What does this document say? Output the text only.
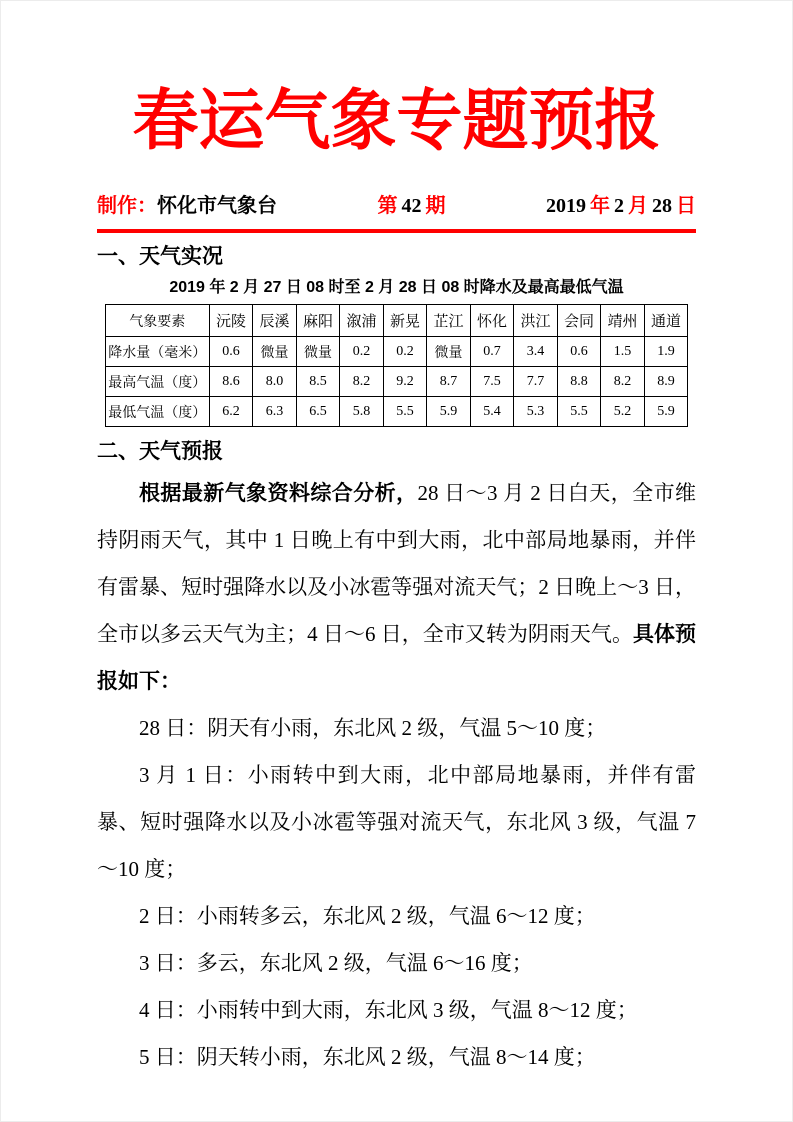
春运气象专题预报
制作：怀化市气象台	第 42 期	2019 年 2 月 28 日
一、天气实况
2019 年 2 月 27 日 08 时至 2 月 28 日 08 时降水及最高最低气温
气象要素	沅陵	辰溪	麻阳	溆浦	新晃	芷江	怀化	洪江	会同	靖州	通道
降水量（毫米）	0.6	微量	微量	0.2	0.2	微量	0.7	3.4	0.6	1.5	1.9
最高气温（度）	8.6	8.0	8.5	8.2	9.2	8.7	7.5	7.7	8.8	8.2	8.9
最低气温（度）	6.2	6.3	6.5	5.8	5.5	5.9	5.4	5.3	5.5	5.2	5.9
二、天气预报

根据最新气象资料综合分析，28 日～3 月 2 日白天，全市维持阴雨天气，其中 1 日晚上有中到大雨，北中部局地暴雨，并伴有雷暴、短时强降水以及小冰雹等强对流天气；2 日晚上～3 日，全市以多云天气为主；4 日～6 日，全市又转为阴雨天气。具体预报如下：

28 日：阴天有小雨，东北风 2 级，气温 5～10 度；

3 月 1 日：小雨转中到大雨，北中部局地暴雨，并伴有雷暴、短时强降水以及小冰雹等强对流天气，东北风 3 级，气温 7～10 度；

2 日：小雨转多云，东北风 2 级，气温 6～12 度；

3 日：多云，东北风 2 级，气温 6～16 度；

4 日：小雨转中到大雨，东北风 3 级，气温 8～12 度；

5 日：阴天转小雨，东北风 2 级，气温 8～14 度；
